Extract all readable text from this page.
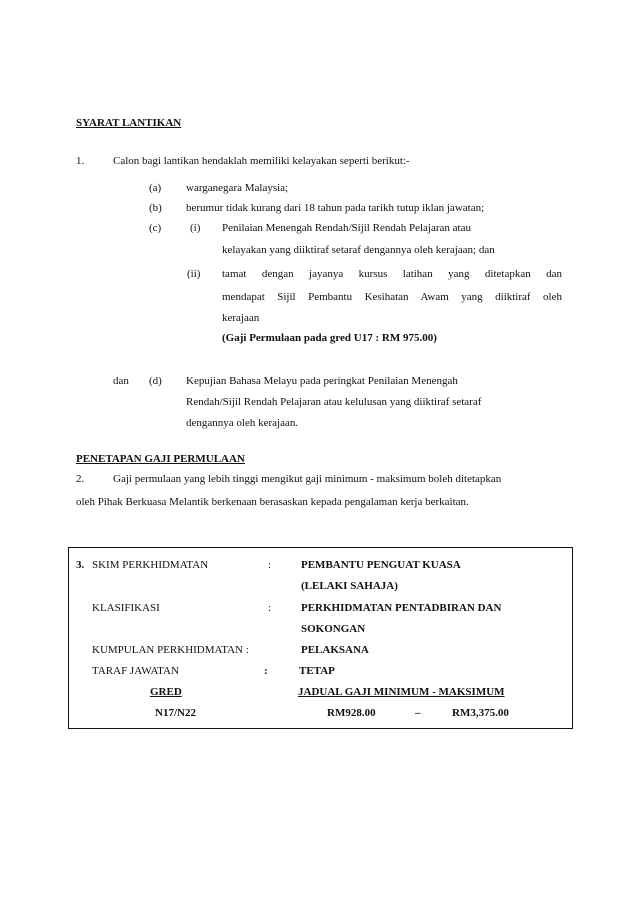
SYARAT LANTIKAN
1.	Calon bagi lantikan hendaklah memiliki kelayakan seperti berikut:-
(a) warganegara Malaysia;
(b) berumur tidak kurang dari 18 tahun pada tarikh tutup iklan jawatan;
(c)	(i) Penilaian Menengah Rendah/Sijil Rendah Pelajaran atau
kelayakan yang diiktiraf setaraf dengannya oleh kerajaan; dan
(ii) tamat dengan jayanya kursus latihan yang ditetapkan dan
mendapat Sijil Pembantu Kesihatan Awam yang diiktiraf oleh
kerajaan
(Gaji Permulaan pada gred U17 : RM 975.00)
dan (d) Kepujian Bahasa Melayu pada peringkat Penilaian Menengah
Rendah/Sijil Rendah Pelajaran atau kelulusan yang diiktiraf setaraf
dengannya oleh kerajaan.
PENETAPAN GAJI PERMULAAN
2.	Gaji permulaan yang lebih tinggi mengikut gaji minimum - maksimum boleh ditetapkan
oleh Pihak Berkuasa Melantik berkenaan berasaskan kepada pengalaman kerja berkaitan.
3. SKIM PERKHIDMATAN	:	PEMBANTU PENGUAT KUASA
(LELAKI SAHAJA)
KLASIFIKASI	:	PERKHIDMATAN PENTADBIRAN DAN
SOKONGAN
KUMPULAN PERKHIDMATAN :	PELAKSANA
TARAF JAWATAN	:	TETAP
GRED	JADUAL GAJI MINIMUM - MAKSIMUM
N17/N22	RM928.00	–	RM3,375.00
